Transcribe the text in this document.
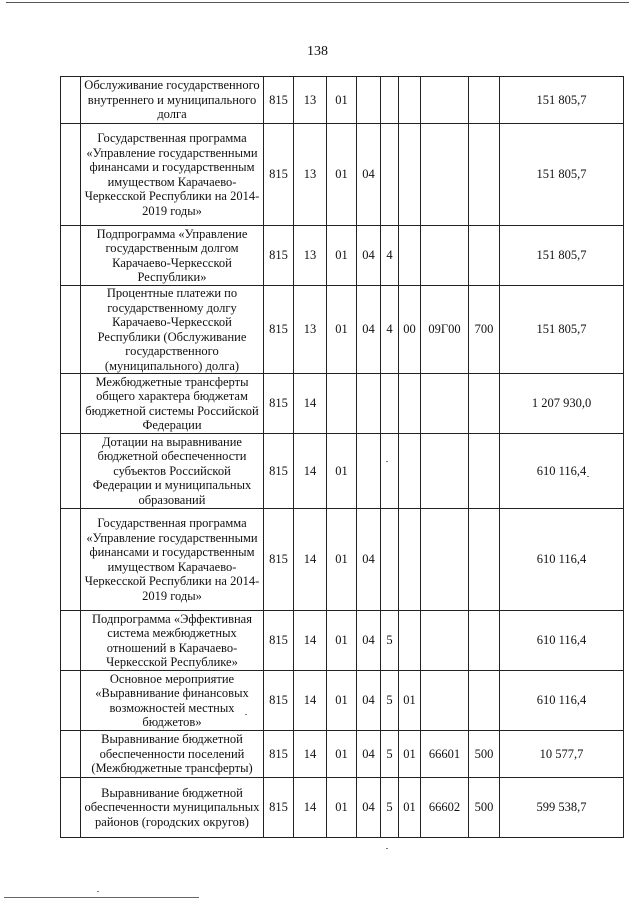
138
	Обслуживание государственного внутреннего и муниципального долга	815	13	01						151 805,7
	Государственная программа «Управление государственными финансами и государственным имуществом Карачаево-Черкесской Республики на 2014-2019 годы»	815	13	01	04					151 805,7
	Подпрограмма «Управление государственным долгом Карачаево-Черкесской Республики»	815	13	01	04	4				151 805,7
	Процентные платежи по государственному долгу Карачаево-Черкесской Республики (Обслуживание государственного (муниципального) долга)	815	13	01	04	4	00	09Г00	700	151 805,7
	Межбюджетные трансферты общего характера бюджетам бюджетной системы Российской Федерации	815	14							1 207 930,0
	Дотации на выравнивание бюджетной обеспеченности субъектов Российской Федерации и муниципальных образований	815	14	01						610 116,4
	Государственная программа «Управление государственными финансами и государственным имуществом Карачаево-Черкесской Республики на 2014-2019 годы»	815	14	01	04					610 116,4
	Подпрограмма «Эффективная система межбюджетных отношений в Карачаево-Черкесской Республике»	815	14	01	04	5				610 116,4
	Основное мероприятие «Выравнивание финансовых возможностей местных бюджетов»	815	14	01	04	5	01			610 116,4
	Выравнивание бюджетной обеспеченности поселений (Межбюджетные трансферты)	815	14	01	04	5	01	66601	500	10 577,7
	Выравнивание бюджетной обеспеченности муниципальных районов (городских округов)	815	14	01	04	5	01	66602	500	599 538,7
